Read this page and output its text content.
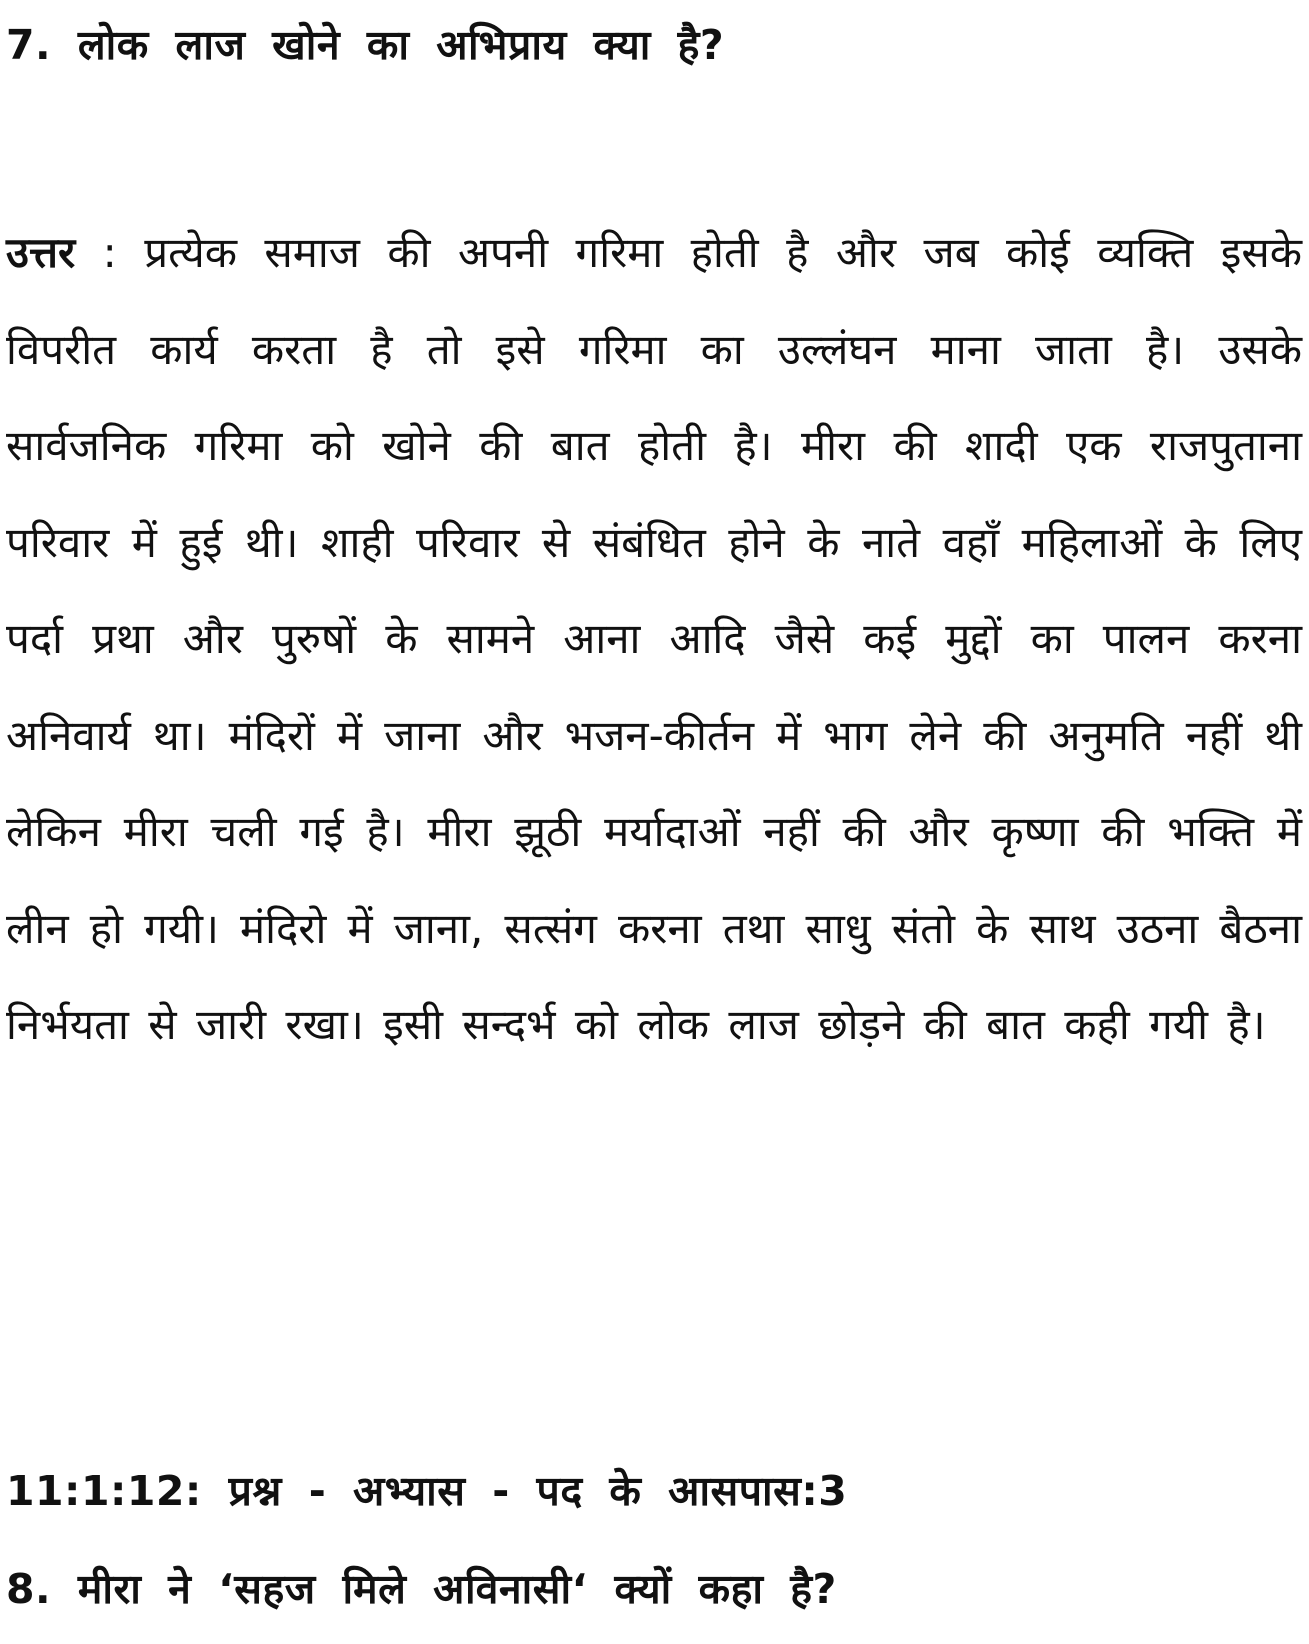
7. लोक लाज खोने का अभिप्राय क्या है?

उत्तर : प्रत्येक समाज की अपनी गरिमा होती है और जब कोई व्यक्ति इसके विपरीत कार्य करता है तो इसे गरिमा का उल्लंघन माना जाता है। उसके सार्वजनिक गरिमा को खोने की बात होती है। मीरा की शादी एक राजपुताना परिवार में हुई थी। शाही परिवार से संबंधित होने के नाते वहाँ महिलाओं के लिए पर्दा प्रथा और पुरुषों के सामने आना आदि जैसे कई मुद्दों का पालन करना अनिवार्य था। मंदिरों में जाना और भजन-कीर्तन में भाग लेने की अनुमति नहीं थी लेकिन मीरा चली गई है। मीरा झूठी मर्यादाओं नहीं की और कृष्णा की भक्ति में लीन हो गयी। मंदिरो में जाना, सत्संग करना तथा साधु संतो के साथ उठना बैठना निर्भयता से जारी रखा। इसी सन्दर्भ को लोक लाज छोड़ने की बात कही गयी है।

11:1:12: प्रश्न - अभ्यास - पद के आसपास:3
8. मीरा ने ‘सहज मिले अविनासी‘ क्यों कहा है?
